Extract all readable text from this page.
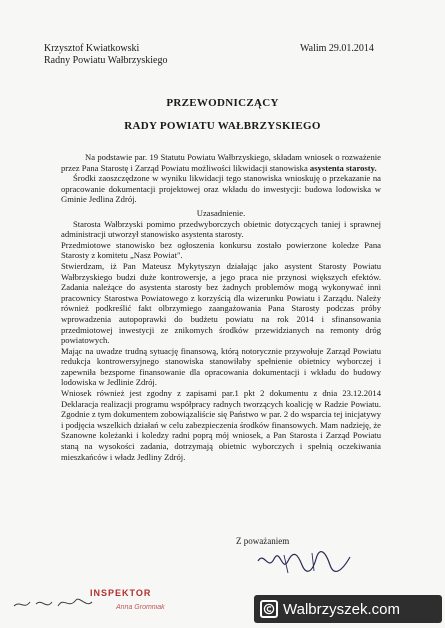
Krzysztof Kwiatkowski
Radny Powiatu Wałbrzyskiego
Walim 29.01.2014
PRZEWODNICZĄCY
RADY POWIATU WAŁBRZYSKIEGO

Na podstawie par. 19 Statutu Powiatu Wałbrzyskiego, składam wniosek o rozważenie przez Pana Starostę i Zarząd Powiatu możliwości likwidacji stanowiska asystenta starosty.

Środki zaoszczędzone w wyniku likwidacji tego stanowiska wnioskuję o przekazanie na opracowanie dokumentacji projektowej oraz wkładu do inwestycji: budowa lodowiska w Gminie Jedlina Zdrój.

Uzasadnienie.

Starosta Wałbrzyski pomimo przedwyborczych obietnic dotyczących taniej i sprawnej administracji utworzył stanowisko asystenta starosty.

Przedmiotowe stanowisko bez ogłoszenia konkursu zostało powierzone koledze Pana Starosty z komitetu „Nasz Powiat".

Stwierdzam, iż Pan Mateusz Mykytyszyn działając jako asystent Starosty Powiatu Wałbrzyskiego budzi duże kontrowersje, a jego praca nie przynosi większych efektów. Zadania należące do asystenta starosty bez żadnych problemów mogą wykonywać inni pracownicy Starostwa Powiatowego z korzyścią dla wizerunku Powiatu i Zarządu. Należy również podkreślić fakt olbrzymiego zaangażowania Pana Starosty podczas próby wprowadzenia autopoprawki do budżetu powiatu na rok 2014 i sfinansowania przedmiotowej inwestycji ze znikomych środków przewidzianych na remonty dróg powiatowych.

Mając na uwadze trudną sytuację finansową, którą notorycznie przywołuje Zarząd Powiatu redukcja kontrowersyjnego stanowiska stanowiłaby spełnienie obietnicy wyborczej i zapewniła bezsporne finansowanie dla opracowania dokumentacji i wkładu do budowy lodowiska w Jedlinie Zdrój.

Wniosek również jest zgodny z zapisami par.1 pkt 2 dokumentu z dnia 23.12.2014 Deklaracja realizacji programu współpracy radnych tworzących koalicję w Radzie Powiatu. Zgodnie z tym dokumentem zobowiązaliście się Państwo w par. 2 do wsparcia tej inicjatywy i podjęcia wszelkich działań w celu zabezpieczenia środków finansowych. Mam nadzieję, że Szanowne koleżanki i koledzy radni poprą mój wniosek, a Pan Starosta i Zarząd Powiatu staną na wysokości zadania, dotrzymają obietnic wyborczych i spełnią oczekiwania mieszkańców i władz Jedliny Zdrój.

Z poważaniem
INSPEKTOR
Anna Gromniak	Walbrzyszek.com
